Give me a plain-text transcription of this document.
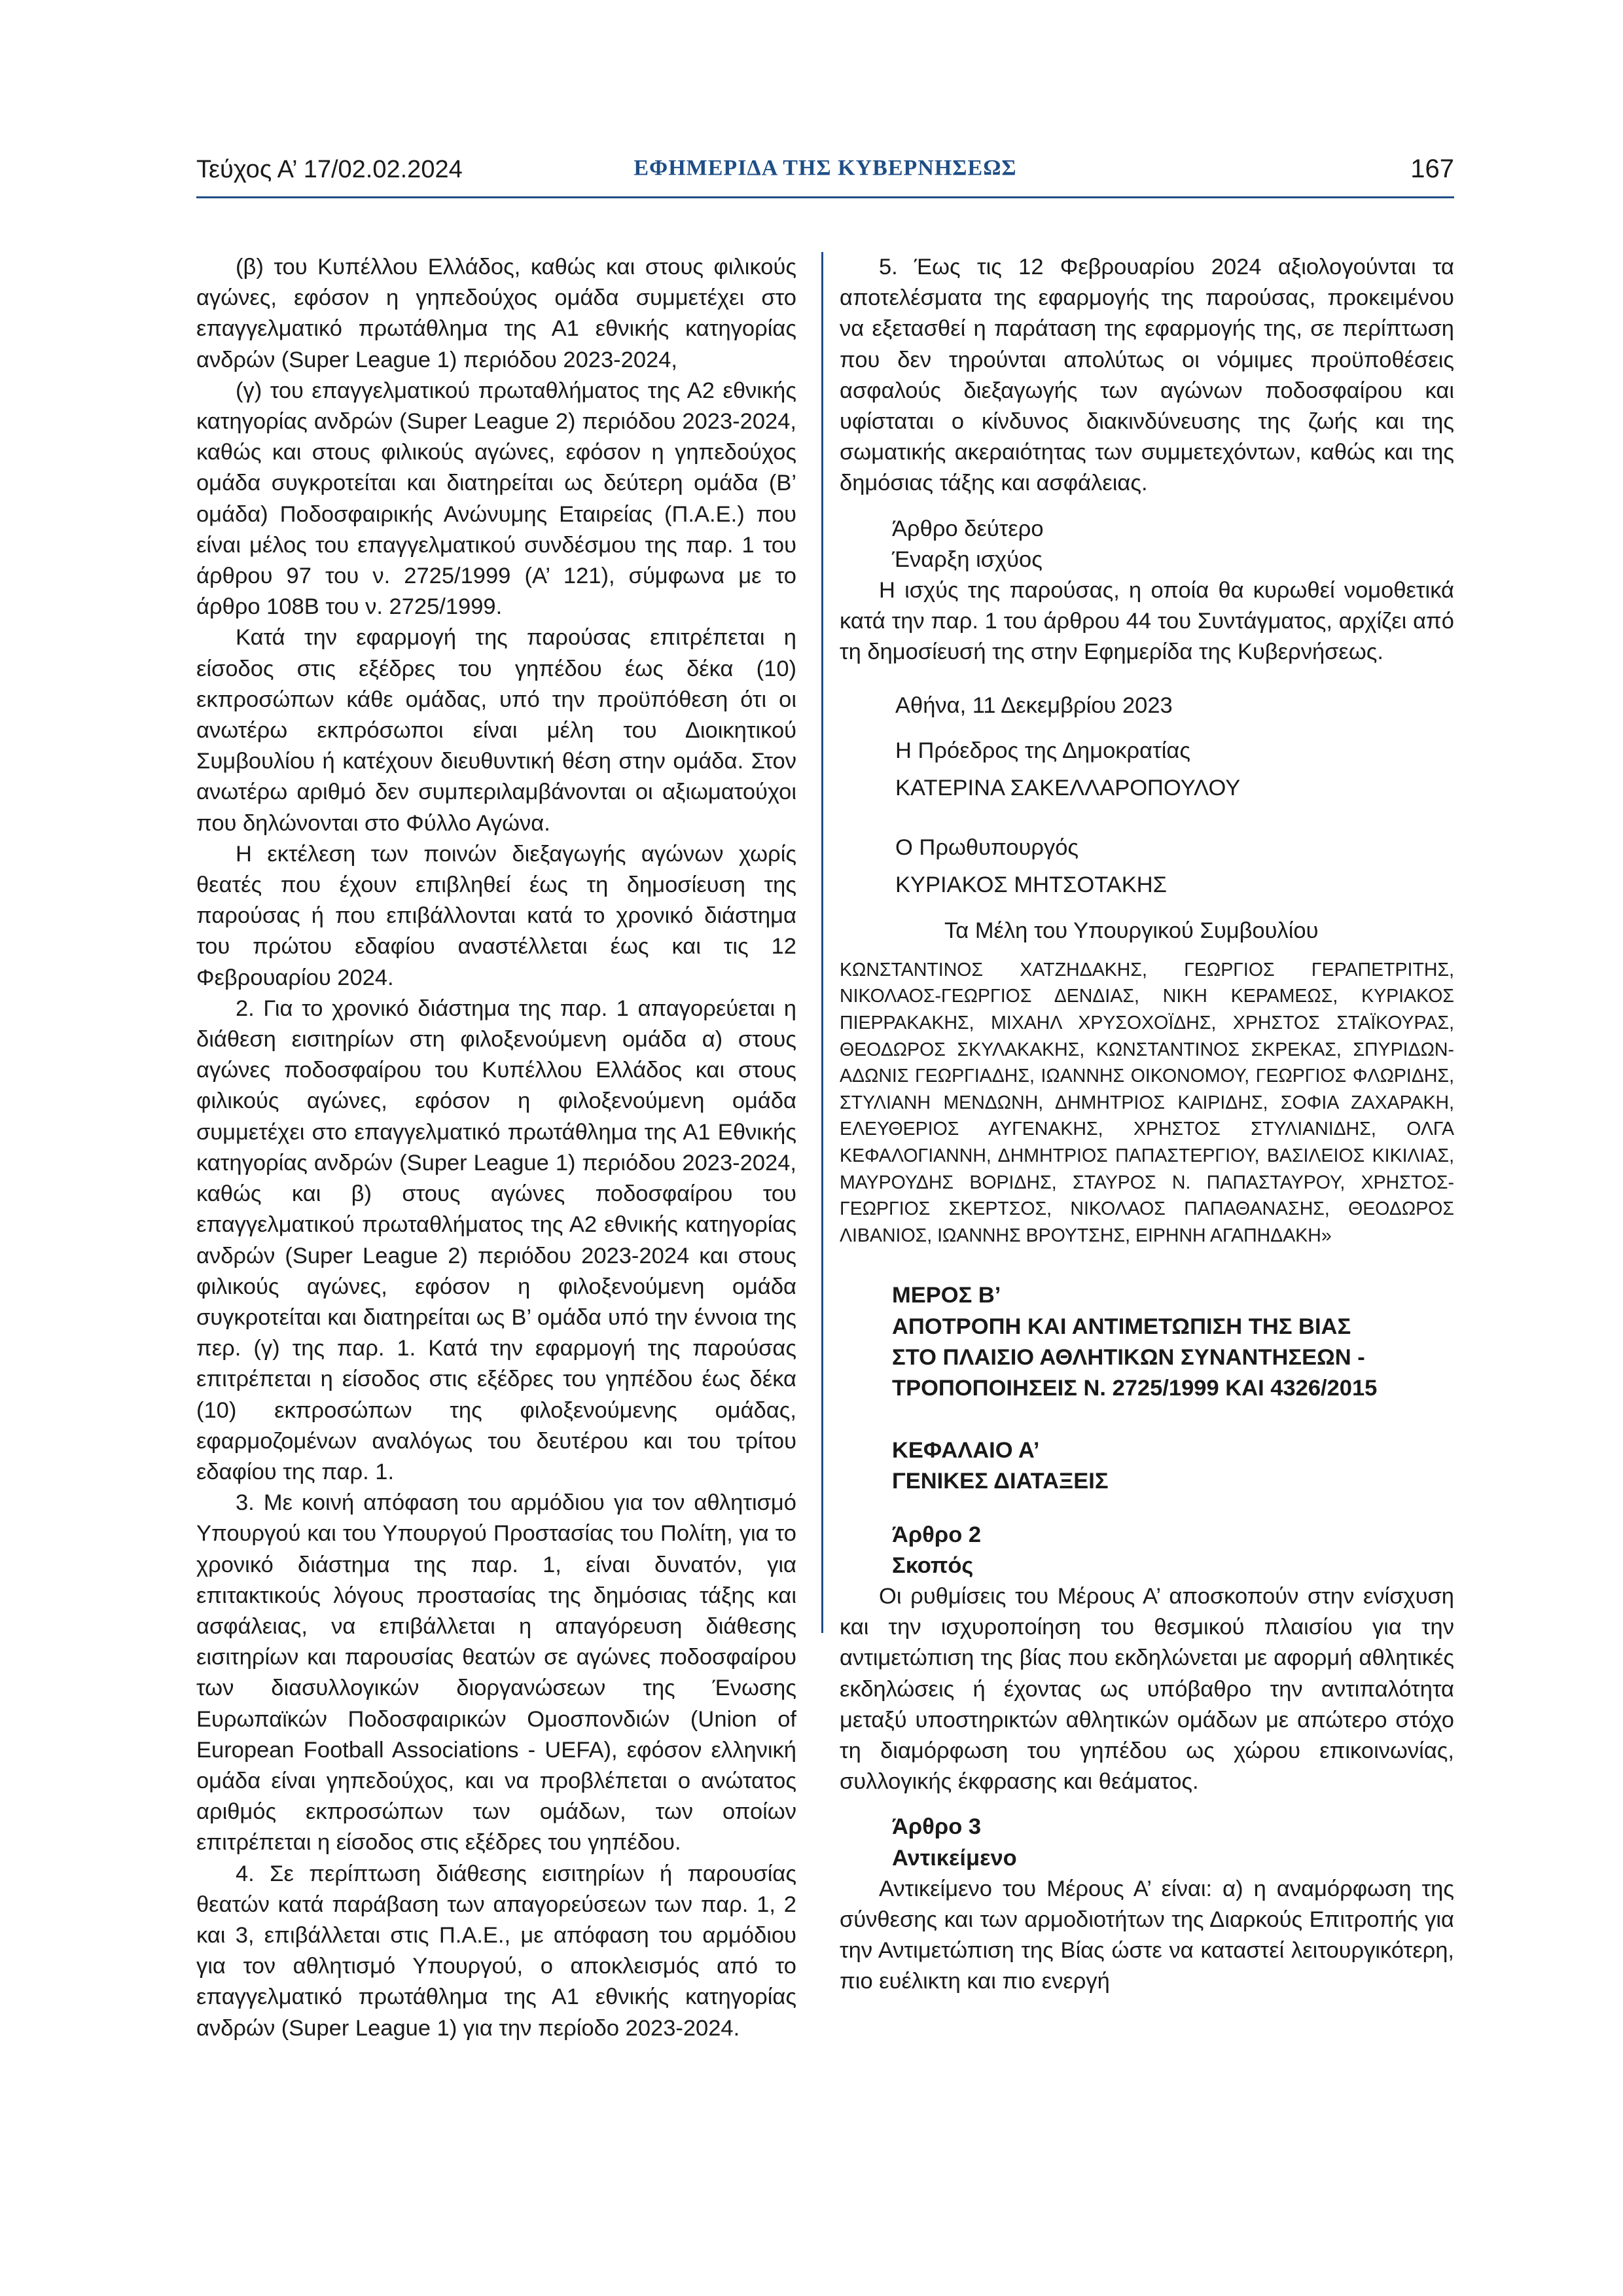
Τεύχος Α’ 17/02.02.2024	ΕΦΗΜΕΡΙΔΑ ΤΗΣ ΚΥΒΕΡΝΗΣΕΩΣ	167

(β) του Κυπέλλου Ελλάδος, καθώς και στους φιλικούς αγώνες, εφόσον η γηπεδούχος ομάδα συμμετέχει στο επαγγελματικό πρωτάθλημα της Α1 εθνικής κατηγορίας ανδρών (Super League 1) περιόδου 2023-2024,

(γ) του επαγγελματικού πρωταθλήματος της Α2 εθνικής κατηγορίας ανδρών (Super League 2) περιόδου 2023-2024, καθώς και στους φιλικούς αγώνες, εφόσον η γηπεδούχος ομάδα συγκροτείται και διατηρείται ως δεύτερη ομάδα (Β’ ομάδα) Ποδοσφαιρικής Ανώνυμης Εταιρείας (Π.Α.Ε.) που είναι μέλος του επαγγελματικού συνδέσμου της παρ. 1 του άρθρου 97 του ν. 2725/1999 (Α’ 121), σύμφωνα με το άρθρο 108Β του ν. 2725/1999.

Κατά την εφαρμογή της παρούσας επιτρέπεται η είσοδος στις εξέδρες του γηπέδου έως δέκα (10) εκπροσώπων κάθε ομάδας, υπό την προϋπόθεση ότι οι ανωτέρω εκπρόσωποι είναι μέλη του Διοικητικού Συμβουλίου ή κατέχουν διευθυντική θέση στην ομάδα. Στον ανωτέρω αριθμό δεν συμπεριλαμβάνονται οι αξιωματούχοι που δηλώνονται στο Φύλλο Αγώνα.

Η εκτέλεση των ποινών διεξαγωγής αγώνων χωρίς θεατές που έχουν επιβληθεί έως τη δημοσίευση της παρούσας ή που επιβάλλονται κατά το χρονικό διάστημα του πρώτου εδαφίου αναστέλλεται έως και τις 12 Φεβρουαρίου 2024.

2. Για το χρονικό διάστημα της παρ. 1 απαγορεύεται η διάθεση εισιτηρίων στη φιλοξενούμενη ομάδα α) στους αγώνες ποδοσφαίρου του Κυπέλλου Ελλάδος και στους φιλικούς αγώνες, εφόσον η φιλοξενούμενη ομάδα συμμετέχει στο επαγγελματικό πρωτάθλημα της Α1 Εθνικής κατηγορίας ανδρών (Super League 1) περιόδου 2023-2024, καθώς και β) στους αγώνες ποδοσφαίρου του επαγγελματικού πρωταθλήματος της Α2 εθνικής κατηγορίας ανδρών (Super League 2) περιόδου 2023-2024 και στους φιλικούς αγώνες, εφόσον η φιλοξενούμενη ομάδα συγκροτείται και διατηρείται ως Β’ ομάδα υπό την έννοια της περ. (γ) της παρ. 1. Κατά την εφαρμογή της παρούσας επιτρέπεται η είσοδος στις εξέδρες του γηπέδου έως δέκα (10) εκπροσώπων της φιλοξενούμενης ομάδας, εφαρμοζομένων αναλόγως του δευτέρου και του τρίτου εδαφίου της παρ. 1.

3. Με κοινή απόφαση του αρμόδιου για τον αθλητισμό Υπουργού και του Υπουργού Προστασίας του Πολίτη, για το χρονικό διάστημα της παρ. 1, είναι δυνατόν, για επιτακτικούς λόγους προστασίας της δημόσιας τάξης και ασφάλειας, να επιβάλλεται η απαγόρευση διάθεσης εισιτηρίων και παρουσίας θεατών σε αγώνες ποδοσφαίρου των διασυλλογικών διοργανώσεων της Ένωσης Ευρωπαϊκών Ποδοσφαιρικών Ομοσπονδιών (Union of European Football Associations - UEFA), εφόσον ελληνική ομάδα είναι γηπεδούχος, και να προβλέπεται ο ανώτατος αριθμός εκπροσώπων των ομάδων, των οποίων επιτρέπεται η είσοδος στις εξέδρες του γηπέδου.

4. Σε περίπτωση διάθεσης εισιτηρίων ή παρουσίας θεατών κατά παράβαση των απαγορεύσεων των παρ. 1, 2 και 3, επιβάλλεται στις Π.Α.Ε., με απόφαση του αρμόδιου για τον αθλητισμό Υπουργού, ο αποκλεισμός από το επαγγελματικό πρωτάθλημα της Α1 εθνικής κατηγορίας ανδρών (Super League 1) για την περίοδο 2023-2024.

5. Έως τις 12 Φεβρουαρίου 2024 αξιολογούνται τα αποτελέσματα της εφαρμογής της παρούσας, προκειμένου να εξετασθεί η παράταση της εφαρμογής της, σε περίπτωση που δεν τηρούνται απολύτως οι νόμιμες προϋποθέσεις ασφαλούς διεξαγωγής των αγώνων ποδοσφαίρου και υφίσταται ο κίνδυνος διακινδύνευσης της ζωής και της σωματικής ακεραιότητας των συμμετεχόντων, καθώς και της δημόσιας τάξης και ασφάλειας.

Άρθρο δεύτερο

Έναρξη ισχύος

Η ισχύς της παρούσας, η οποία θα κυρωθεί νομοθετικά κατά την παρ. 1 του άρθρου 44 του Συντάγματος, αρχίζει από τη δημοσίευσή της στην Εφημερίδα της Κυβερνήσεως.

Αθήνα, 11 Δεκεμβρίου 2023

Η Πρόεδρος της Δημοκρατίας

ΚΑΤΕΡΙΝΑ ΣΑΚΕΛΛΑΡΟΠΟΥΛΟΥ

Ο Πρωθυπουργός

ΚΥΡΙΑΚΟΣ ΜΗΤΣΟΤΑΚΗΣ

Τα Μέλη του Υπουργικού Συμβουλίου

ΚΩΝΣΤΑΝΤΙΝΟΣ ΧΑΤΖΗΔΑΚΗΣ, ΓΕΩΡΓΙΟΣ ΓΕΡΑΠΕΤΡΙΤΗΣ, ΝΙΚΟΛΑΟΣ-ΓΕΩΡΓΙΟΣ ΔΕΝΔΙΑΣ, ΝΙΚΗ ΚΕΡΑΜΕΩΣ, ΚΥΡΙΑΚΟΣ ΠΙΕΡΡΑΚΑΚΗΣ, ΜΙΧΑΗΛ ΧΡΥΣΟΧΟΪΔΗΣ, ΧΡΗΣΤΟΣ ΣΤΑΪΚΟΥΡΑΣ, ΘΕΟΔΩΡΟΣ ΣΚΥΛΑΚΑΚΗΣ, ΚΩΝΣΤΑΝΤΙΝΟΣ ΣΚΡΕΚΑΣ, ΣΠΥΡΙΔΩΝ-ΑΔΩΝΙΣ ΓΕΩΡΓΙΑΔΗΣ, ΙΩΑΝΝΗΣ ΟΙΚΟΝΟΜΟΥ, ΓΕΩΡΓΙΟΣ ΦΛΩΡΙΔΗΣ, ΣΤΥΛΙΑΝΗ ΜΕΝΔΩΝΗ, ΔΗΜΗΤΡΙΟΣ ΚΑΙΡΙΔΗΣ, ΣΟΦΙΑ ΖΑΧΑΡΑΚΗ, ΕΛΕΥΘΕΡΙΟΣ ΑΥΓΕΝΑΚΗΣ, ΧΡΗΣΤΟΣ ΣΤΥΛΙΑΝΙΔΗΣ, ΟΛΓΑ ΚΕΦΑΛΟΓΙΑΝΝΗ, ΔΗΜΗΤΡΙΟΣ ΠΑΠΑΣΤΕΡΓΙΟΥ, ΒΑΣΙΛΕΙΟΣ ΚΙΚΙΛΙΑΣ, ΜΑΥΡΟΥΔΗΣ ΒΟΡΙΔΗΣ, ΣΤΑΥΡΟΣ Ν. ΠΑΠΑΣΤΑΥΡΟΥ, ΧΡΗΣΤΟΣ-ΓΕΩΡΓΙΟΣ ΣΚΕΡΤΣΟΣ, ΝΙΚΟΛΑΟΣ ΠΑΠΑΘΑΝΑΣΗΣ, ΘΕΟΔΩΡΟΣ ΛΙΒΑΝΙΟΣ, ΙΩΑΝΝΗΣ ΒΡΟΥΤΣΗΣ, ΕΙΡΗΝΗ ΑΓΑΠΗΔΑΚΗ»

ΜΕΡΟΣ Β’

ΑΠΟΤΡΟΠΗ ΚΑΙ ΑΝΤΙΜΕΤΩΠΙΣΗ ΤΗΣ ΒΙΑΣ

ΣΤΟ ΠΛΑΙΣΙΟ ΑΘΛΗΤΙΚΩΝ ΣΥΝΑΝΤΗΣΕΩΝ -

ΤΡΟΠΟΠΟΙΗΣΕΙΣ Ν. 2725/1999 ΚΑΙ 4326/2015

ΚΕΦΑΛΑΙΟ Α’

ΓΕΝΙΚΕΣ ΔΙΑΤΑΞΕΙΣ

Άρθρο 2

Σκοπός

Οι ρυθμίσεις του Μέρους Α’ αποσκοπούν στην ενίσχυση και την ισχυροποίηση του θεσμικού πλαισίου για την αντιμετώπιση της βίας που εκδηλώνεται με αφορμή αθλητικές εκδηλώσεις ή έχοντας ως υπόβαθρο την αντιπαλότητα μεταξύ υποστηρικτών αθλητικών ομάδων με απώτερο στόχο τη διαμόρφωση του γηπέδου ως χώρου επικοινωνίας, συλλογικής έκφρασης και θεάματος.

Άρθρο 3

Αντικείμενο

Αντικείμενο του Μέρους Α’ είναι: α) η αναμόρφωση της σύνθεσης και των αρμοδιοτήτων της Διαρκούς Επιτροπής για την Αντιμετώπιση της Βίας ώστε να καταστεί λειτουργικότερη, πιο ευέλικτη και πιο ενεργή
